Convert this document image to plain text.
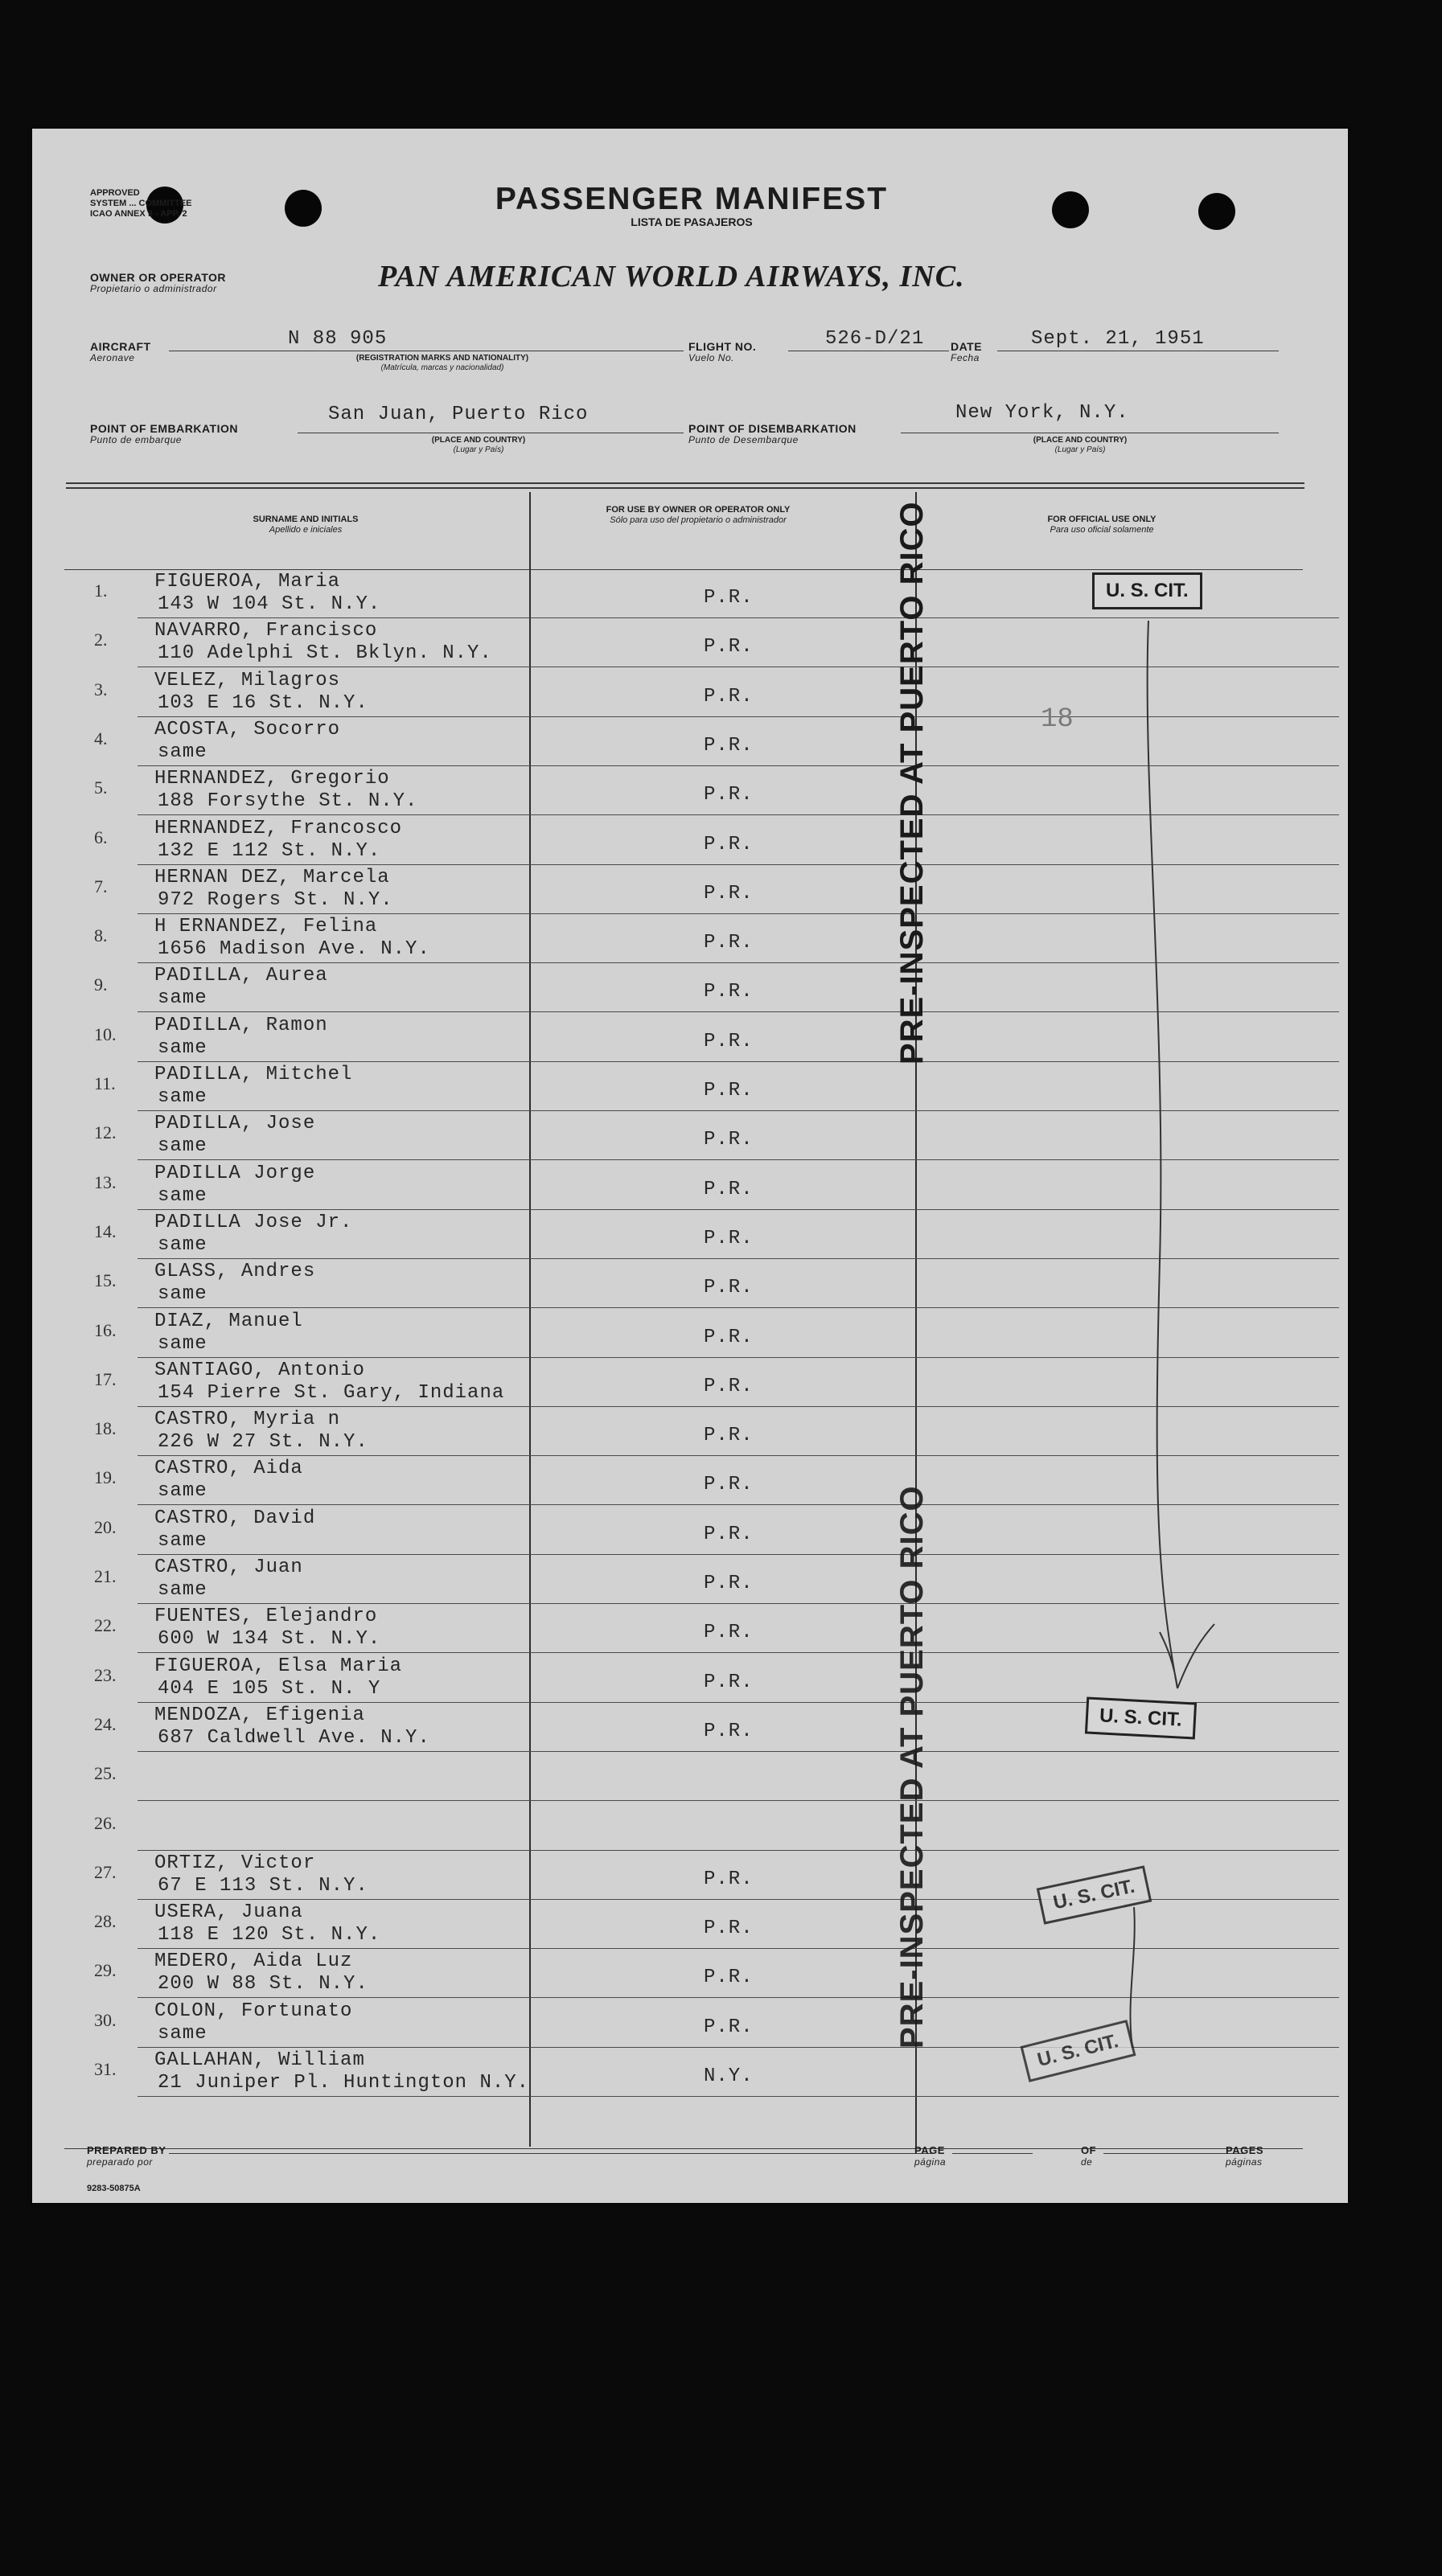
APPROVED
SYSTEM ... COMMITTEE
ICAO ANNEX 9 - APP. 2	PASSENGER MANIFEST
LISTA DE PASAJEROS
OWNER OR OPERATOR
Propietario o administrador	PAN AMERICAN WORLD AIRWAYS, INC.
AIRCRAFT
Aeronave
N 88 905
(REGISTRATION MARKS AND NATIONALITY)
(Matrícula, marcas y nacionalidad)
FLIGHT NO.
Vuelo No.
526-D/21 DATE
Fecha
Sept. 21, 1951
POINT OF EMBARKATION
Punto de embarque
San Juan, Puerto Rico
(PLACE AND COUNTRY)
(Lugar y País)
POINT OF DISEMBARKATION
Punto de Desembarque
New York, N.Y.
(PLACE AND COUNTRY)
(Lugar y País)
SURNAME AND INITIALS
Apellido e iniciales
FOR USE BY OWNER OR OPERATOR ONLY
Sólo para uso del propietario o administrador	FOR OFFICIAL USE ONLY
Para uso oficial solamente
1. FIGUEROA, Maria
143 W 104 St. N.Y.	P.R.
2. NAVARRO, Francisco
110 Adelphi St. Bklyn. N.Y.	P.R.
3. VELEZ, Milagros
103 E 16 St. N.Y.	P.R.
4. ACOSTA, Socorro
same	P.R.
5. HERNANDEZ, Gregorio
188 Forsythe St. N.Y.	P.R.
6. HERNANDEZ, Francosco
132 E 112 St. N.Y.	P.R.
7. HERNAN DEZ, Marcela
972 Rogers St. N.Y.	P.R.
8. H ERNANDEZ, Felina
1656 Madison Ave. N.Y.	P.R.
9. PADILLA, Aurea
same	P.R.
10. PADILLA, Ramon
same	P.R.
11. PADILLA, Mitchel
same	P.R.
12. PADILLA, Jose
same	P.R.
13. PADILLA Jorge
same	P.R.
14. PADILLA Jose Jr.
same	P.R.
15. GLASS, Andres
same	P.R.
16. DIAZ, Manuel
same	P.R.
17. SANTIAGO, Antonio
154 Pierre St. Gary, Indiana	P.R.
18. CASTRO, Myria n
226 W 27 St. N.Y.	P.R.
19. CASTRO, Aida
same	P.R.
20. CASTRO, David
same	P.R.
21. CASTRO, Juan
same	P.R.
22. FUENTES, Elejandro
600 W 134 St. N.Y.	P.R.
23. FIGUEROA, Elsa Maria
404 E 105 St. N. Y	P.R.
24. MENDOZA, Efigenia
687 Caldwell Ave. N.Y.	P.R.
25.
26.
27. ORTIZ, Victor
67 E 113 St. N.Y.	P.R.
28. USERA, Juana
118 E 120 St. N.Y.	P.R.
29. MEDERO, Aida Luz
200 W 88 St. N.Y.	P.R.
30. COLON, Fortunato
same	P.R.
31. GALLAHAN, William
21 Juniper Pl. Huntington N.Y.	N.Y.
PRE-INSPECTED AT PUERTO RICO
PRE-INSPECTED AT PUERTO RICO
U. S. CIT.
U. S. CIT.
U. S. CIT.
U. S. CIT.
18
PREPARED BY
preparado por
PAGE
página
OF
de
PAGES
páginas
9283-50875A
